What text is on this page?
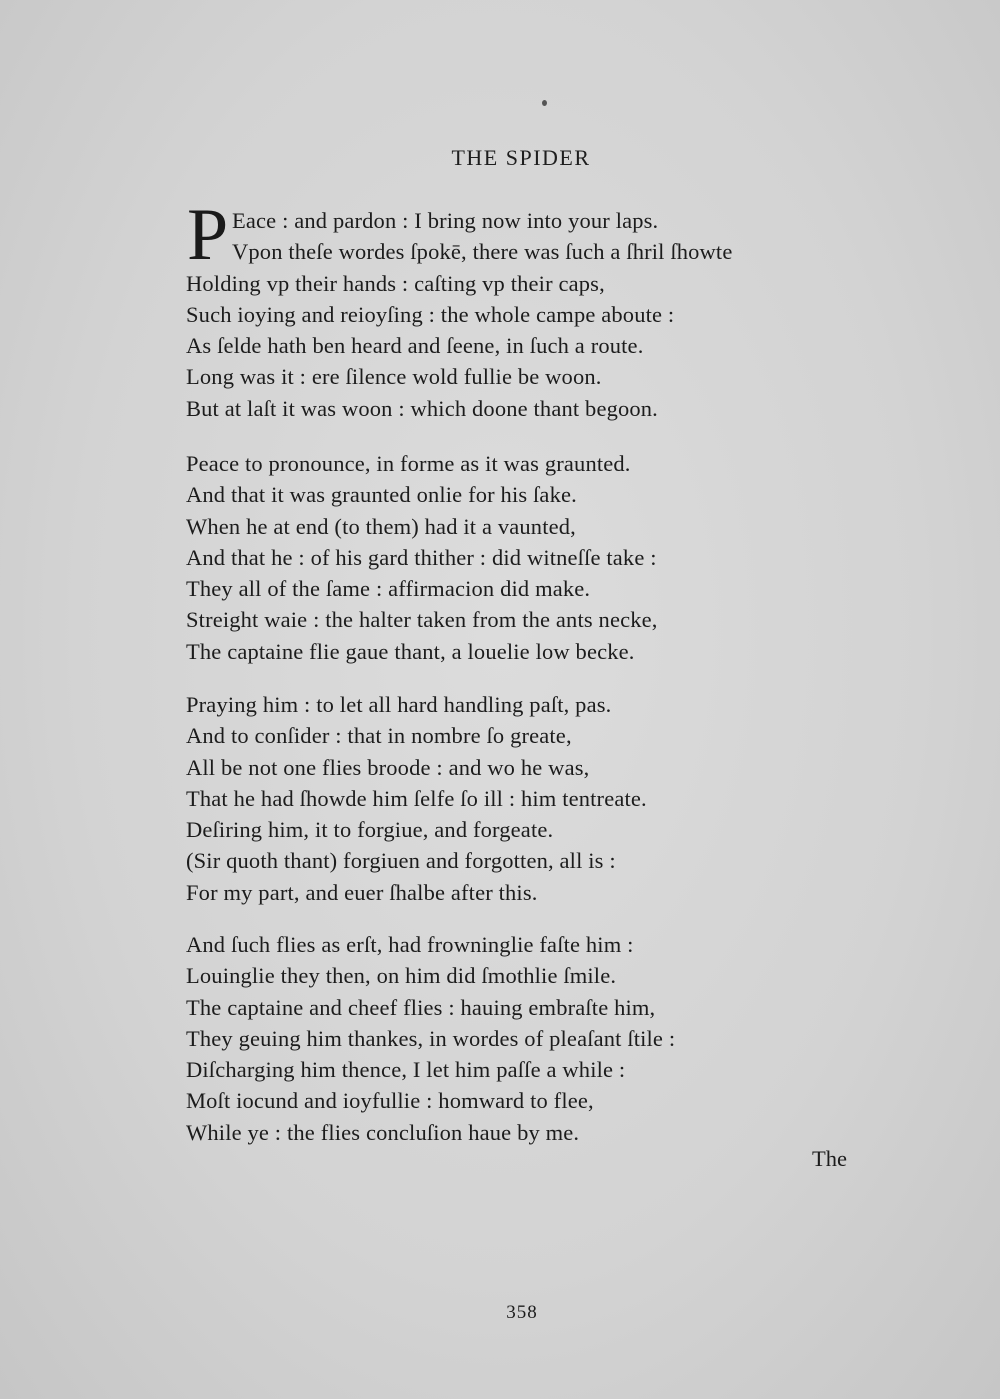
THE SPIDER
P Eace : and pardon : I bring now into your laps.
Vpon theſe wordes ſpokē, there was ſuch a ſhril ſhowte
Holding vp their hands : caſting vp their caps,
Such ioying and reioyſing : the whole campe aboute :
As ſelde hath ben heard and ſeene, in ſuch a route.
Long was it : ere ſilence wold fullie be woon.
But at laſt it was woon : which doone thant begoon.
Peace to pronounce, in forme as it was graunted.
And that it was graunted onlie for his ſake.
When he at end (to them) had it a vaunted,
And that he : of his gard thither : did witneſſe take :
They all of the ſame : affirmacion did make.
Streight waie : the halter taken from the ants necke,
The captaine flie gaue thant, a louelie low becke.
Praying him : to let all hard handling paſt, pas.
And to conſider : that in nombre ſo greate,
All be not one flies broode : and wo he was,
That he had ſhowde him ſelfe ſo ill : him tentreate.
Deſiring him, it to forgiue, and forgeate.
(Sir quoth thant) forgiuen and forgotten, all is :
For my part, and euer ſhalbe after this.
And ſuch flies as erſt, had frowninglie faſte him :
Louinglie they then, on him did ſmothlie ſmile.
The captaine and cheef flies : hauing embraſte him,
They geuing him thankes, in wordes of pleaſant ſtile :
Diſcharging him thence, I let him paſſe a while :
Moſt iocund and ioyfullie : homward to flee,
While ye : the flies concluſion haue by me.
The
358
